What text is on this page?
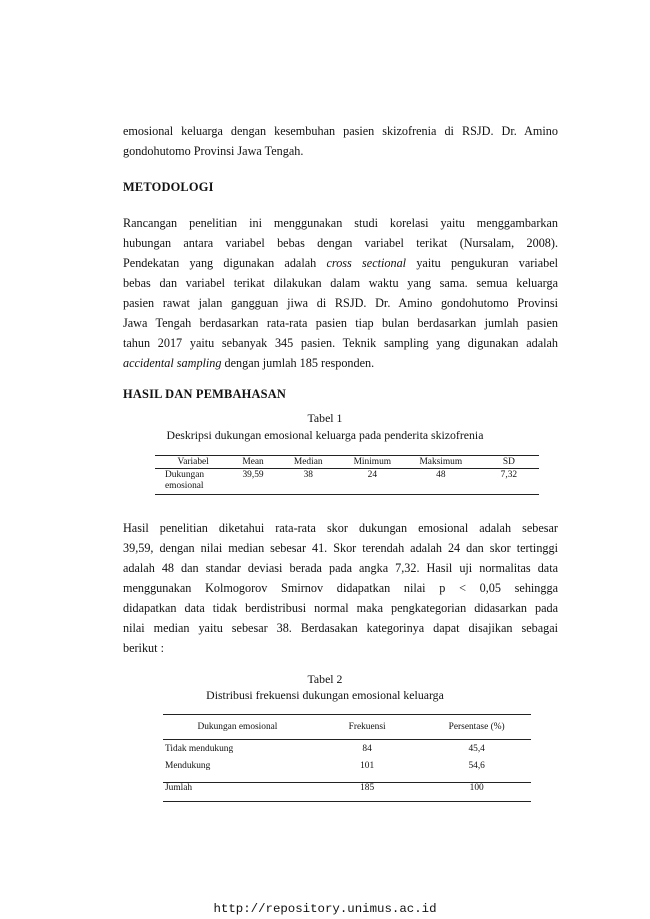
emosional keluarga dengan kesembuhan pasien skizofrenia di RSJD. Dr. Amino
gondohutomo Provinsi Jawa Tengah.
METODOLOGI
Rancangan penelitian ini menggunakan studi korelasi yaitu menggambarkan
hubungan antara variabel bebas dengan variabel terikat (Nursalam, 2008).
Pendekatan yang digunakan adalah cross sectional yaitu pengukuran variabel
bebas dan variabel terikat dilakukan dalam waktu yang sama. semua keluarga
pasien rawat jalan gangguan jiwa di RSJD. Dr. Amino gondohutomo Provinsi
Jawa Tengah berdasarkan rata-rata pasien tiap bulan berdasarkan jumlah pasien
tahun 2017 yaitu sebanyak 345 pasien. Teknik sampling yang digunakan adalah
accidental sampling dengan jumlah 185 responden.
HASIL DAN PEMBAHASAN

Tabel 1

Deskripsi dukungan emosional keluarga pada penderita skizofrenia

Variabel	Mean	Median	Minimum	Maksimum	SD
Dukungan
emosional	39,59	38	24	48	7,32
Hasil penelitian diketahui rata-rata skor dukungan emosional adalah sebesar
39,59, dengan nilai median sebesar 41. Skor terendah adalah 24 dan skor tertinggi
adalah 48 dan standar deviasi berada pada angka 7,32. Hasil uji normalitas data
menggunakan Kolmogorov Smirnov didapatkan nilai p < 0,05 sehingga
didapatkan data tidak berdistribusi normal maka pengkategorian didasarkan pada
nilai median yaitu sebesar 38. Berdasakan kategorinya dapat disajikan sebagai
berikut :

Tabel 2

Distribusi frekuensi dukungan emosional keluarga

Dukungan emosional	Frekuensi	Persentase (%)
Tidak mendukung	84	45,4
Mendukung	101	54,6

Jumlah	185	100

http://repository.unimus.ac.id
